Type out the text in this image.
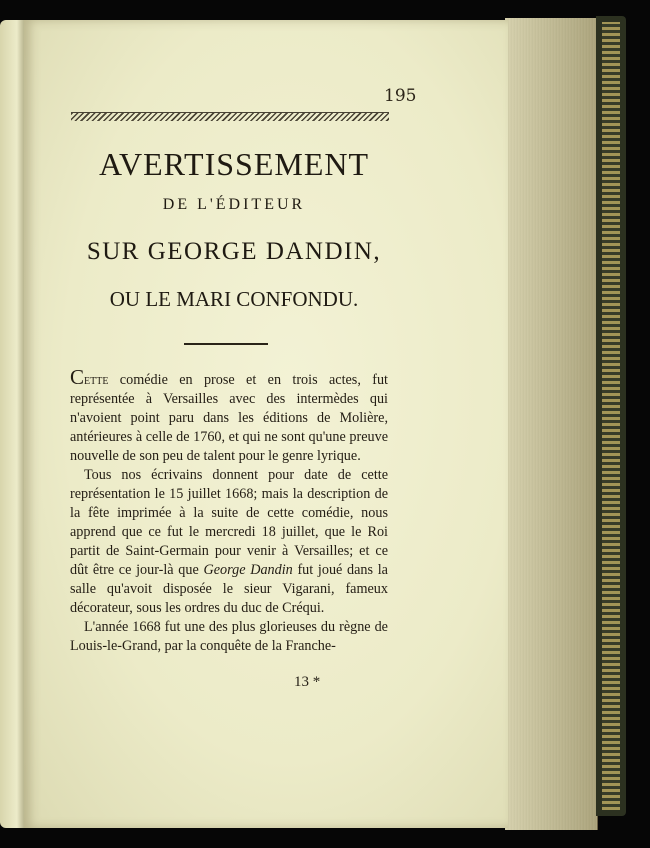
195
AVERTISSEMENT
DE L'ÉDITEUR
SUR GEORGE DANDIN,
OU LE MARI CONFONDU.

Cette comédie en prose et en trois actes, fut représentée à Versailles avec des intermèdes qui n'avoient point paru dans les éditions de Molière, antérieures à celle de 1760, et qui ne sont qu'une preuve nouvelle de son peu de talent pour le genre lyrique.

Tous nos écrivains donnent pour date de cette représentation le 15 juillet 1668; mais la description de la fête imprimée à la suite de cette comédie, nous apprend que ce fut le mercredi 18 juillet, que le Roi partit de Saint-Germain pour venir à Versailles; et ce dût être ce jour-là que George Dandin fut joué dans la salle qu'avoit disposée le sieur Vigarani, fameux décorateur, sous les ordres du duc de Créqui.

L'année 1668 fut une des plus glorieuses du règne de Louis-le-Grand, par la conquête de la Franche-

13 *
